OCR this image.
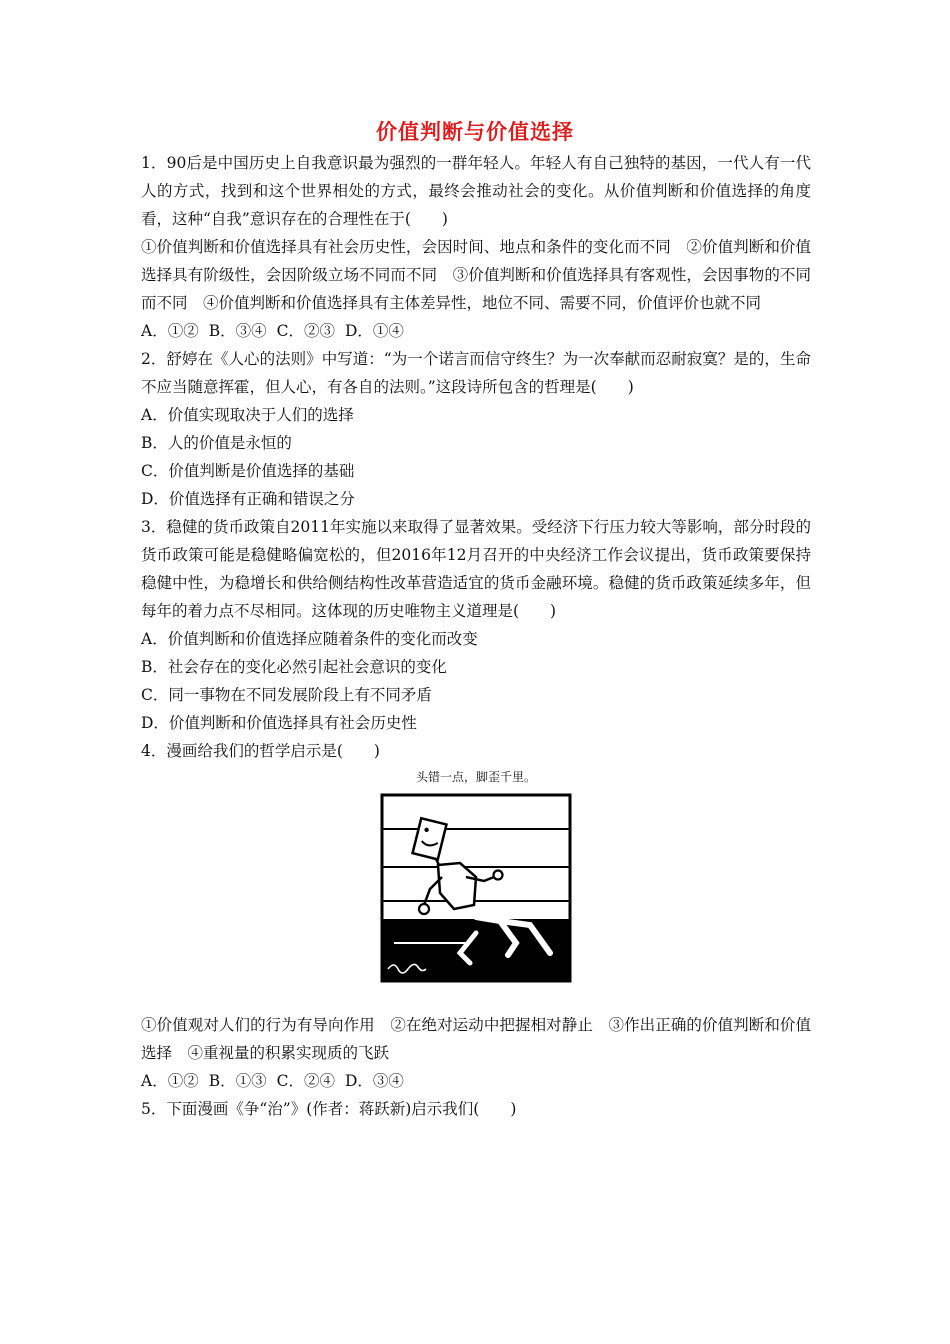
价值判断与价值选择

1．90后是中国历史上自我意识最为强烈的一群年轻人。年轻人有自己独特的基因，一代人有一代人的方式，找到和这个世界相处的方式，最终会推动社会的变化。从价值判断和价值选择的角度看，这种“自我”意识存在的合理性在于(　　)

①价值判断和价值选择具有社会历史性，会因时间、地点和条件的变化而不同　②价值判断和价值选择具有阶级性，会因阶级立场不同而不同　③价值判断和价值选择具有客观性，会因事物的不同而不同　④价值判断和价值选择具有主体差异性，地位不同、需要不同，价值评价也就不同

A．①② B．③④ C．②③ D．①④

2．舒婷在《人心的法则》中写道：“为一个诺言而信守终生？为一次奉献而忍耐寂寞？是的，生命不应当随意挥霍，但人心，有各自的法则。”这段诗所包含的哲理是(　　)

A．价值实现取决于人们的选择

B．人的价值是永恒的

C．价值判断是价值选择的基础

D．价值选择有正确和错误之分

3．稳健的货币政策自2011年实施以来取得了显著效果。受经济下行压力较大等影响，部分时段的货币政策可能是稳健略偏宽松的，但2016年12月召开的中央经济工作会议提出，货币政策要保持稳健中性，为稳增长和供给侧结构性改革营造适宜的货币金融环境。稳健的货币政策延续多年，但每年的着力点不尽相同。这体现的历史唯物主义道理是(　　)

A．价值判断和价值选择应随着条件的变化而改变

B．社会存在的变化必然引起社会意识的变化

C．同一事物在不同发展阶段上有不同矛盾

D．价值判断和价值选择具有社会历史性

4．漫画给我们的哲学启示是(　　)

头错一点，脚歪千里。

①价值观对人们的行为有导向作用　②在绝对运动中把握相对静止　③作出正确的价值判断和价值选择　④重视量的积累实现质的飞跃

A．①② B．①③ C．②④ D．③④

5．下面漫画《争“治”》(作者：蒋跃新)启示我们(　　)
